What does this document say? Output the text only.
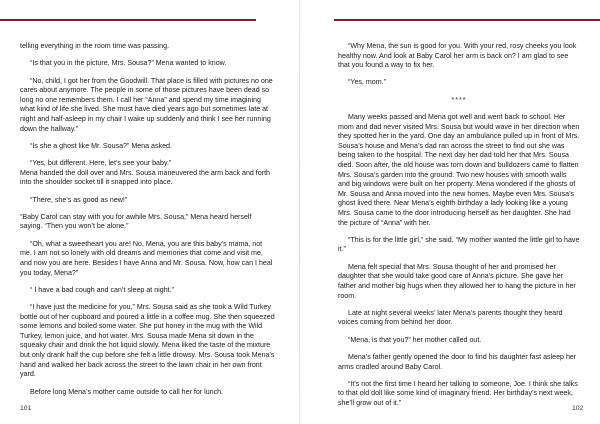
telling everything in the room time was passing.

“Is that you in the picture, Mrs. Sousa?” Mena wanted to know.

“No, child, I got her from the Goodwill. That place is filled with pictures no one cares about anymore. The people in some of those pictures have been dead so long no one remembers them. I call her “Anna” and spend my time imagining what kind of life she lived. She must have died years ago but sometimes late at night and half-asleep in my chair I wake up suddenly and think I see her running down the hallway.”

“Is she a ghost like Mr. Sousa?” Mena asked.

“Yes, but different. Here, let’s see your baby.”

Mena handed the doll over and Mrs. Sousa maneuvered the arm back and forth into the shoulder socket till it snapped into place.

“There, she’s as good as new!”

“Baby Carol can stay with you for awhile Mrs. Sousa,” Mena heard herself saying. “Then you won’t be alone.”

“Oh, what a sweetheart you are! No, Mena, you are this baby’s mama, not me. I am not so lonely with old dreams and memories that come and visit me, and now you are here. Besides I have Anna and Mr. Sousa. Now, how can I heal you today, Mena?”

“ I have a bad cough and can’t sleep at night.”

“I have just the medicine for you,” Mrs. Sousa said as she took a Wild Turkey bottle out of her cupboard and poured a little in a coffee mug. She then squeezed some lemons and boiled some water. She put honey in the mug with the Wild Turkey, lemon juice, and hot water. Mrs. Sousa made Mena sit down in the squeaky chair and drink the hot liquid slowly. Mena liked the taste of the mixture but only drank half the cup before she felt a little drowsy. Mrs. Sousa took Mena’s hand and walked her back across the street to the lawn chair in her own front yard.

Before long Mena’s mother came outside to call her for lunch.

101

“Why Mena, the sun is good for you. With your red, rosy cheeks you look healthy now. And look at Baby Carol her arm is back on? I am glad to see that you found a way to fix her.

“Yes, mom.”

****

Many weeks passed and Mena got well and went back to school. Her mom and dad never visited Mrs. Sousa but would wave in her direction when they spotted her in the yard. One day an ambulance pulled up in front of Mrs. Sousa’s house and Mena’s dad ran across the street to find out she was being taken to the hospital. The next day her dad told her that Mrs. Sousa died. Soon after, the old house was torn down and bulldozers came to flatten Mrs. Sousa’s garden into the ground. Two new houses with smooth walls and big windows were built on her property. Mena wondered if the ghosts of Mr. Sousa and Anna moved into the new homes. Maybe even Mrs. Sousa’s ghost lived there. Near Mena’s eighth birthday a lady looking like a young Mrs. Sousa came to the door introducing herself as her daughter. She had the picture of “Anna” with her.

“This is for the little girl,” she said. “My mother wanted the little girl to have it.”

Mena felt special that Mrs. Sousa thought of her and promised her daughter that she would take good care of Anna’s picture. She gave her father and mother big hugs when they allowed her to hang the picture in her room.

Late at night several weeks’ later Mena’s parents thought they heard voices coming from behind her door.

“Mena, is that you?” her mother called out.

Mena’s father gently opened the door to find his daughter fast asleep her arms cradled around Baby Carol.

“It’s not the first time I heard her talking to someone, Joe. I think she talks to that old doll like some kind of imaginary friend. Her birthday’s next week, she’ll grow out of it.”

102
